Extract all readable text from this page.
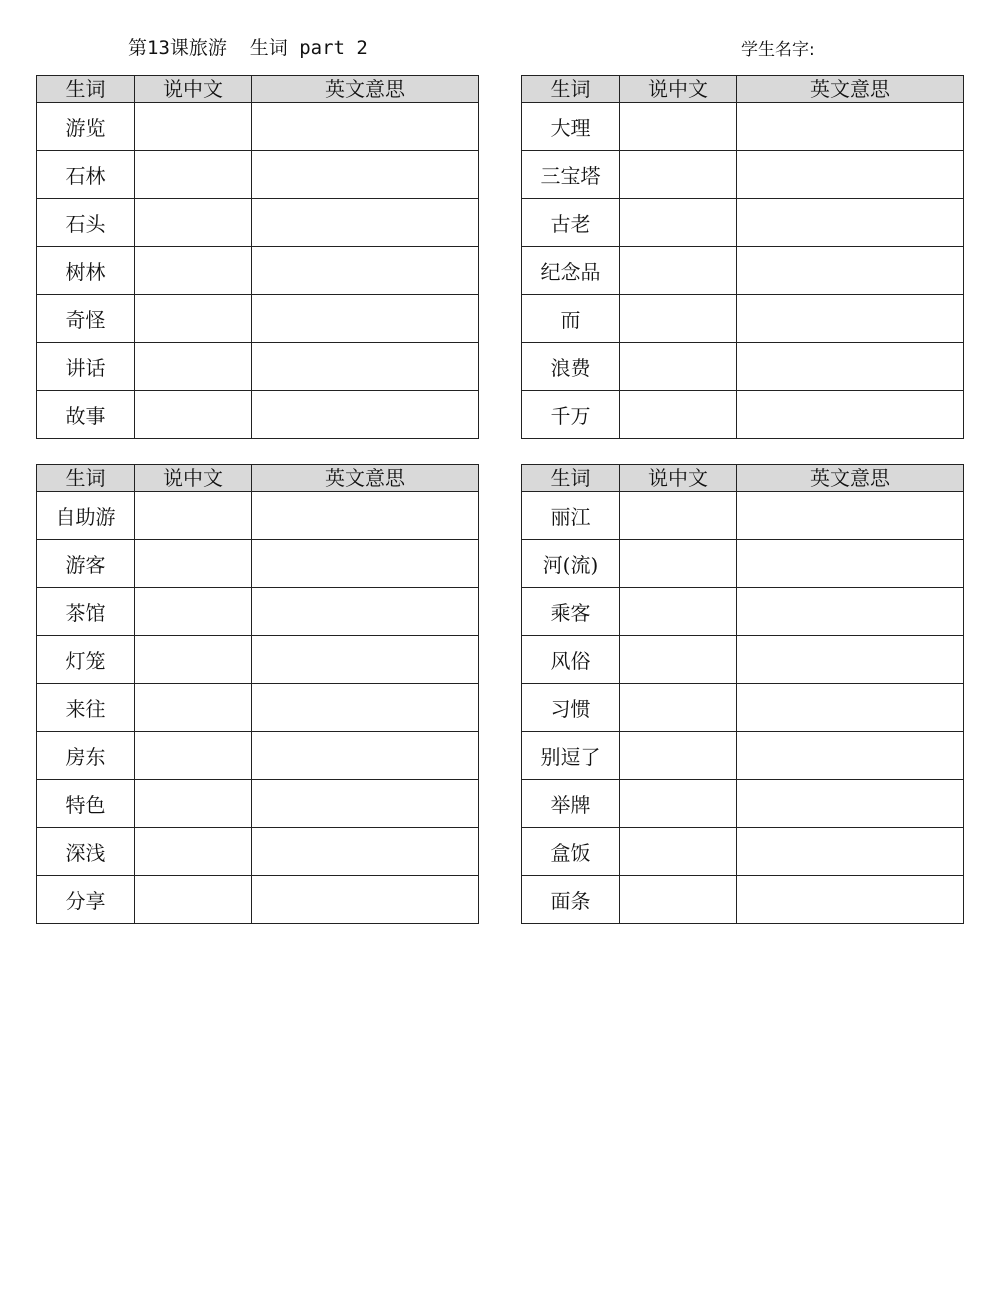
第13课旅游  生词 part 2	学生名字:
生词	说中文	英文意思
游览		
石林		
石头		
树林		
奇怪		
讲话		
故事		
生词	说中文	英文意思
大理		
三宝塔		
古老		
纪念品		
而		
浪费		
千万		
生词	说中文	英文意思
自助游		
游客		
茶馆		
灯笼		
来往		
房东		
特色		
深浅		
分享		
生词	说中文	英文意思
丽江		
河(流)		
乘客		
风俗		
习惯		
别逗了		
举牌		
盒饭		
面条		
